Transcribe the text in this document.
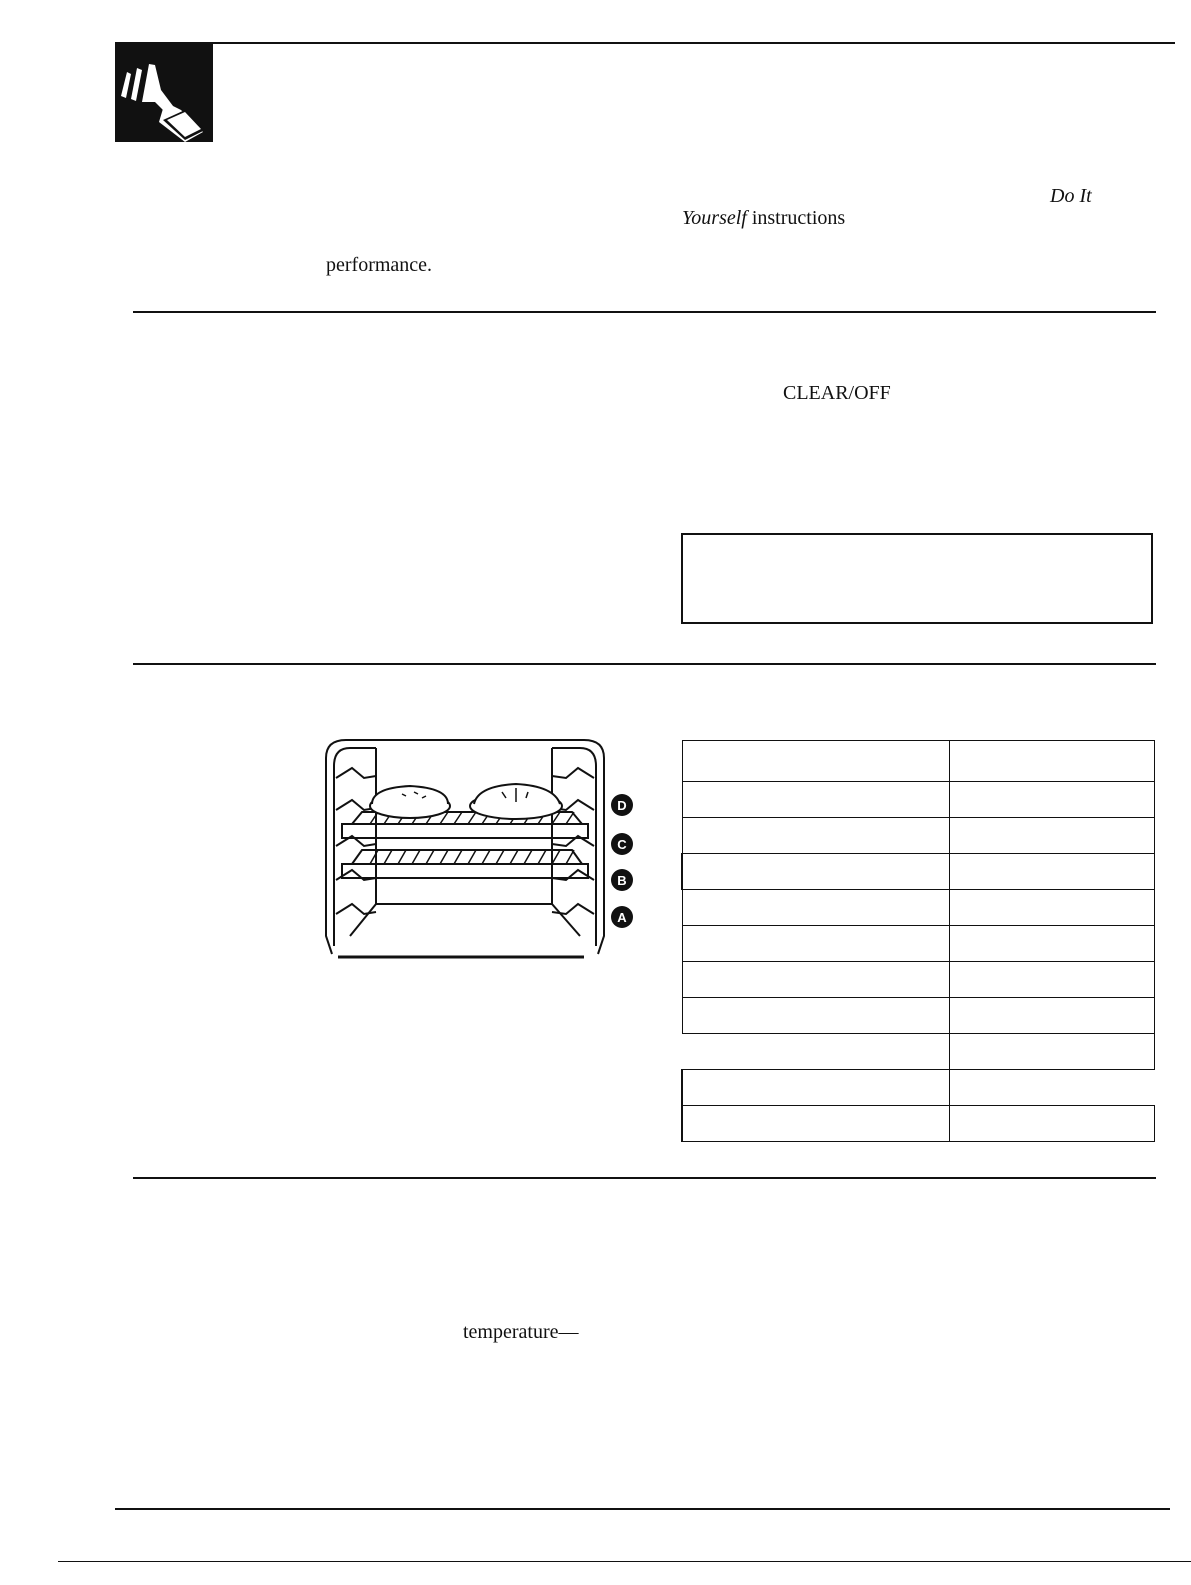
Do It
Yourself instructions
performance.
CLEAR/OFF
D
C
B
A

temperature—
